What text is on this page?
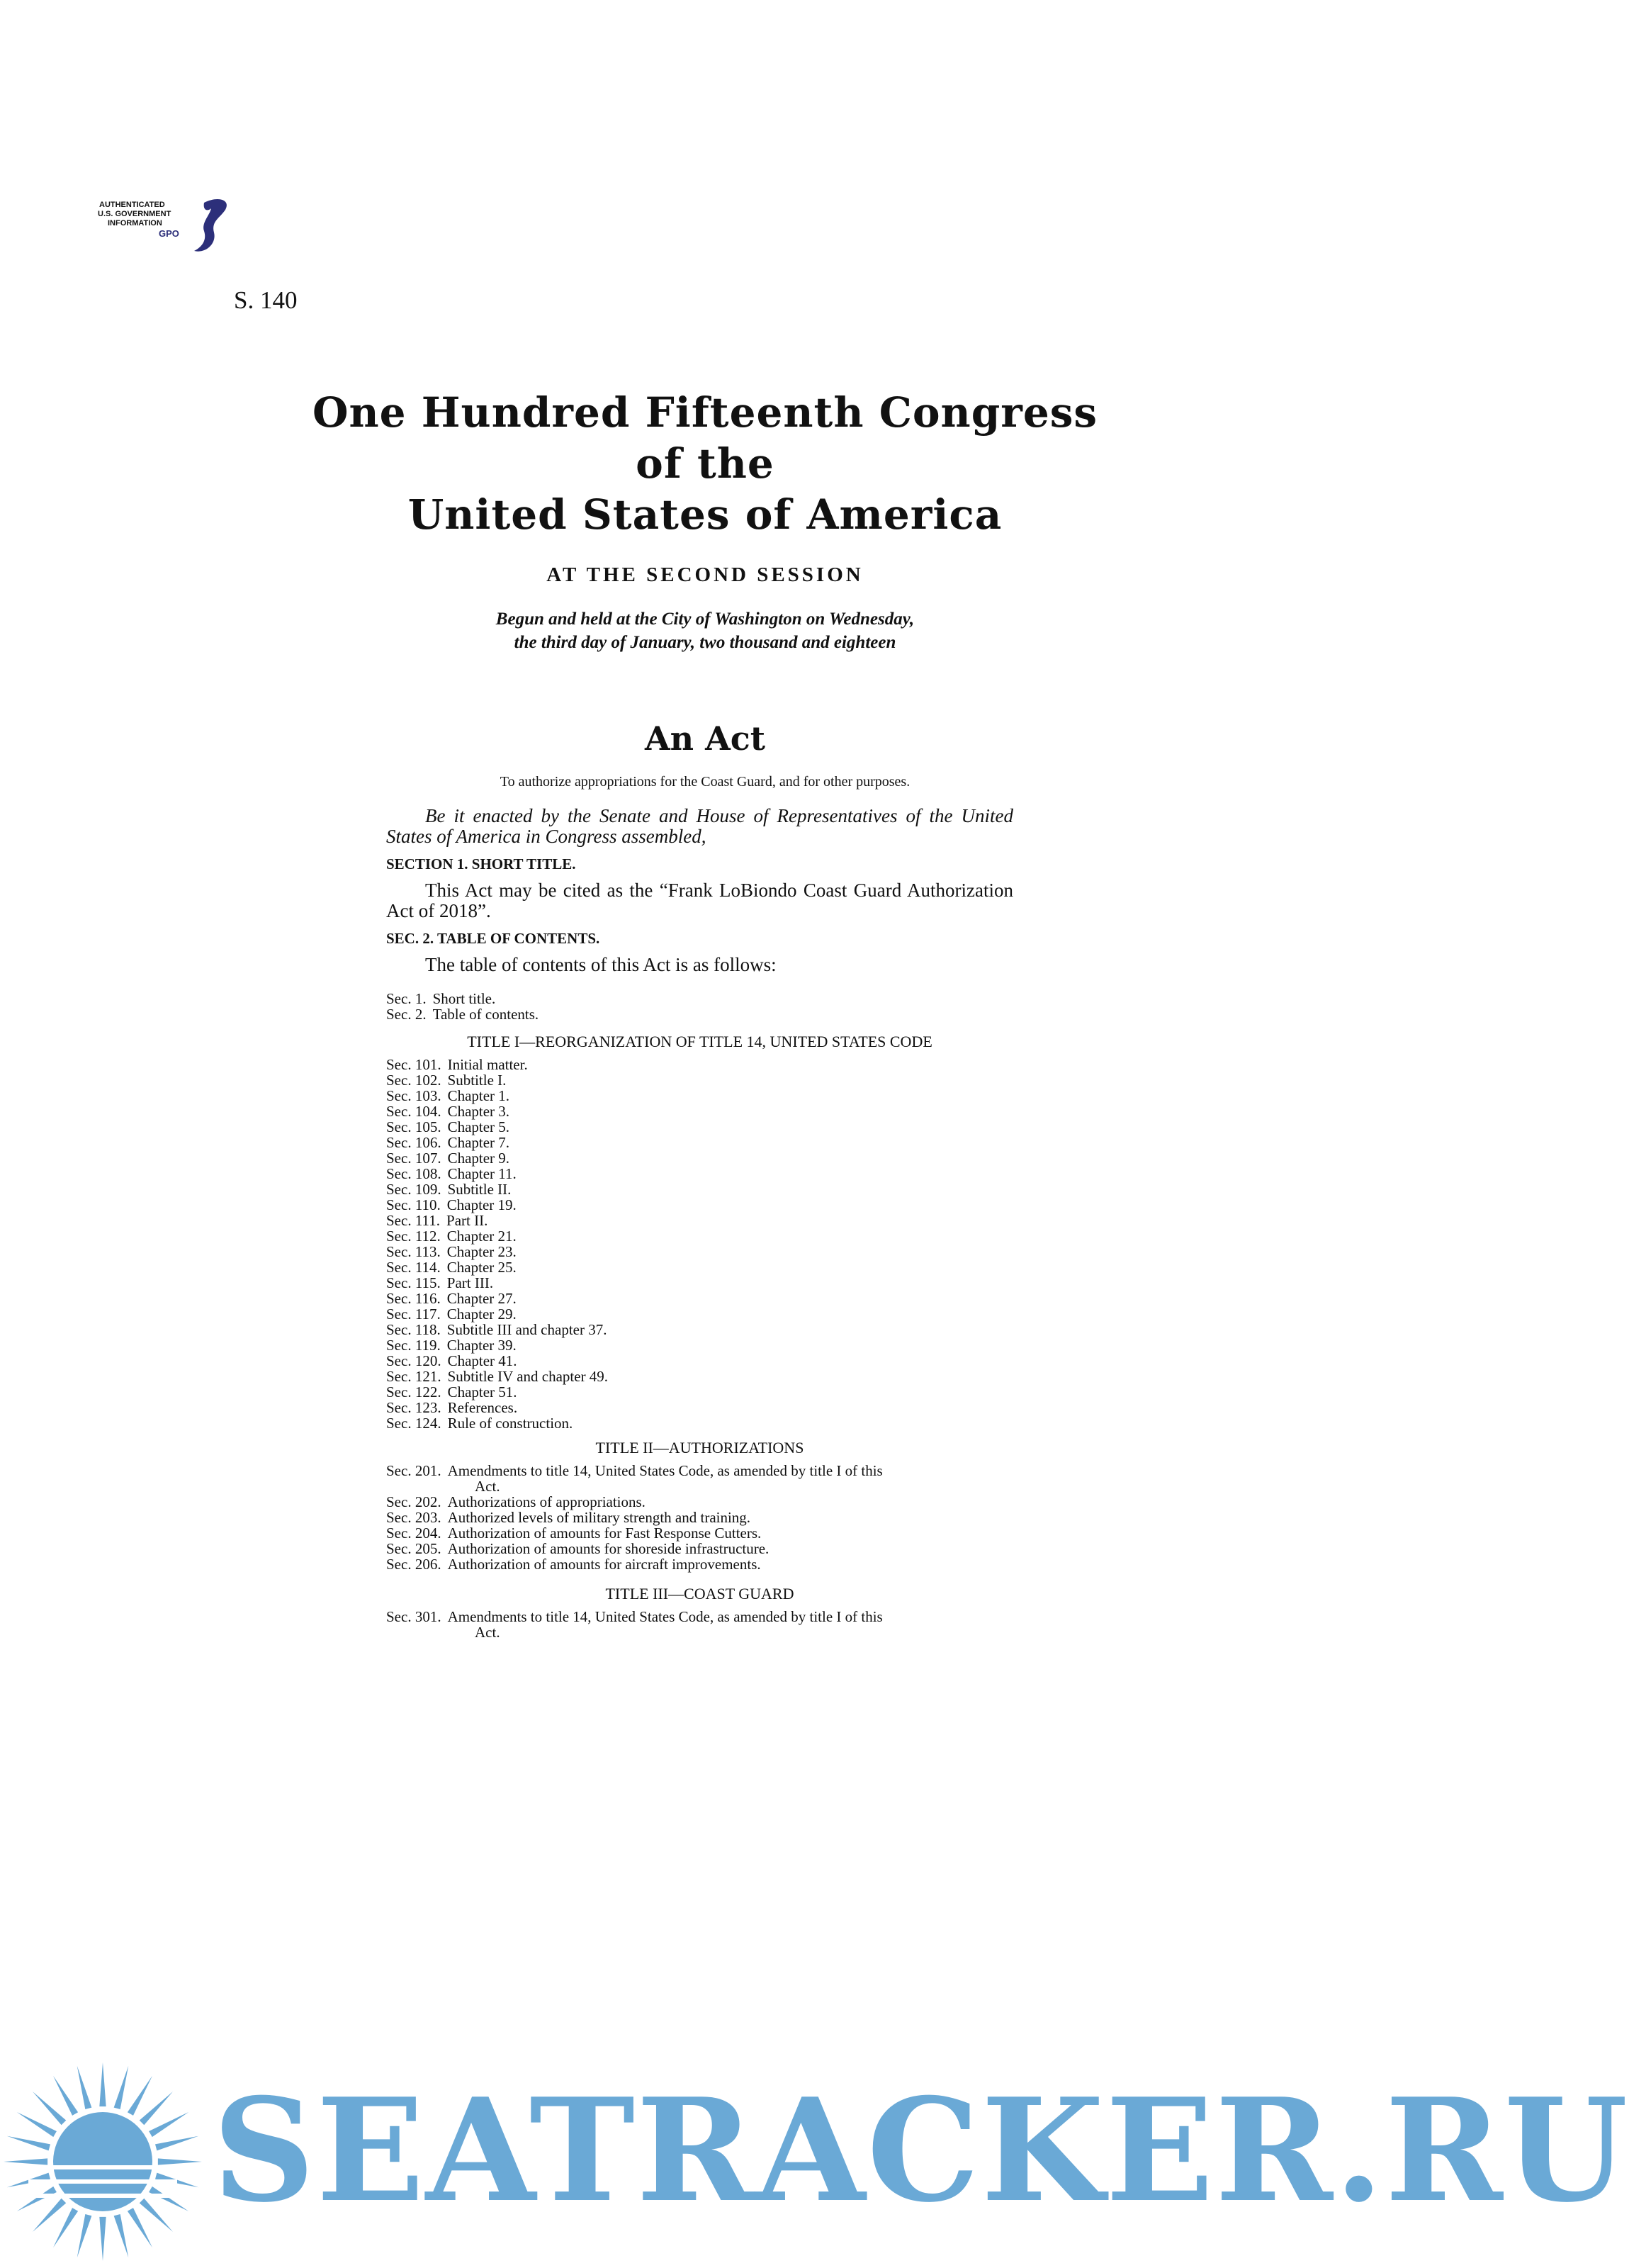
AUTHENTICATED
U.S. GOVERNMENT
INFORMATION
GPO
S. 140
One Hundred Fifteenth Congress
of the
United States of America
AT THE SECOND SESSION
Begun and held at the City of Washington on Wednesday,
the third day of January, two thousand and eighteen
An Act
To authorize appropriations for the Coast Guard, and for other purposes.
Be it enacted by the Senate and House of Representatives of the United States of America in Congress assembled,
SECTION 1. SHORT TITLE.
This Act may be cited as the “Frank LoBiondo Coast Guard Authorization Act of 2018”.
SEC. 2. TABLE OF CONTENTS.
The table of contents of this Act is as follows:
Sec. 1. Short title.
Sec. 2. Table of contents.
TITLE I—REORGANIZATION OF TITLE 14, UNITED STATES CODE
Sec. 101. Initial matter.
Sec. 102. Subtitle I.
Sec. 103. Chapter 1.
Sec. 104. Chapter 3.
Sec. 105. Chapter 5.
Sec. 106. Chapter 7.
Sec. 107. Chapter 9.
Sec. 108. Chapter 11.
Sec. 109. Subtitle II.
Sec. 110. Chapter 19.
Sec. 111. Part II.
Sec. 112. Chapter 21.
Sec. 113. Chapter 23.
Sec. 114. Chapter 25.
Sec. 115. Part III.
Sec. 116. Chapter 27.
Sec. 117. Chapter 29.
Sec. 118. Subtitle III and chapter 37.
Sec. 119. Chapter 39.
Sec. 120. Chapter 41.
Sec. 121. Subtitle IV and chapter 49.
Sec. 122. Chapter 51.
Sec. 123. References.
Sec. 124. Rule of construction.
TITLE II—AUTHORIZATIONS
Sec. 201. Amendments to title 14, United States Code, as amended by title I of this
Act.
Sec. 202. Authorizations of appropriations.
Sec. 203. Authorized levels of military strength and training.
Sec. 204. Authorization of amounts for Fast Response Cutters.
Sec. 205. Authorization of amounts for shoreside infrastructure.
Sec. 206. Authorization of amounts for aircraft improvements.
TITLE III—COAST GUARD
Sec. 301. Amendments to title 14, United States Code, as amended by title I of this
Act.
SEATRACKER.RU
